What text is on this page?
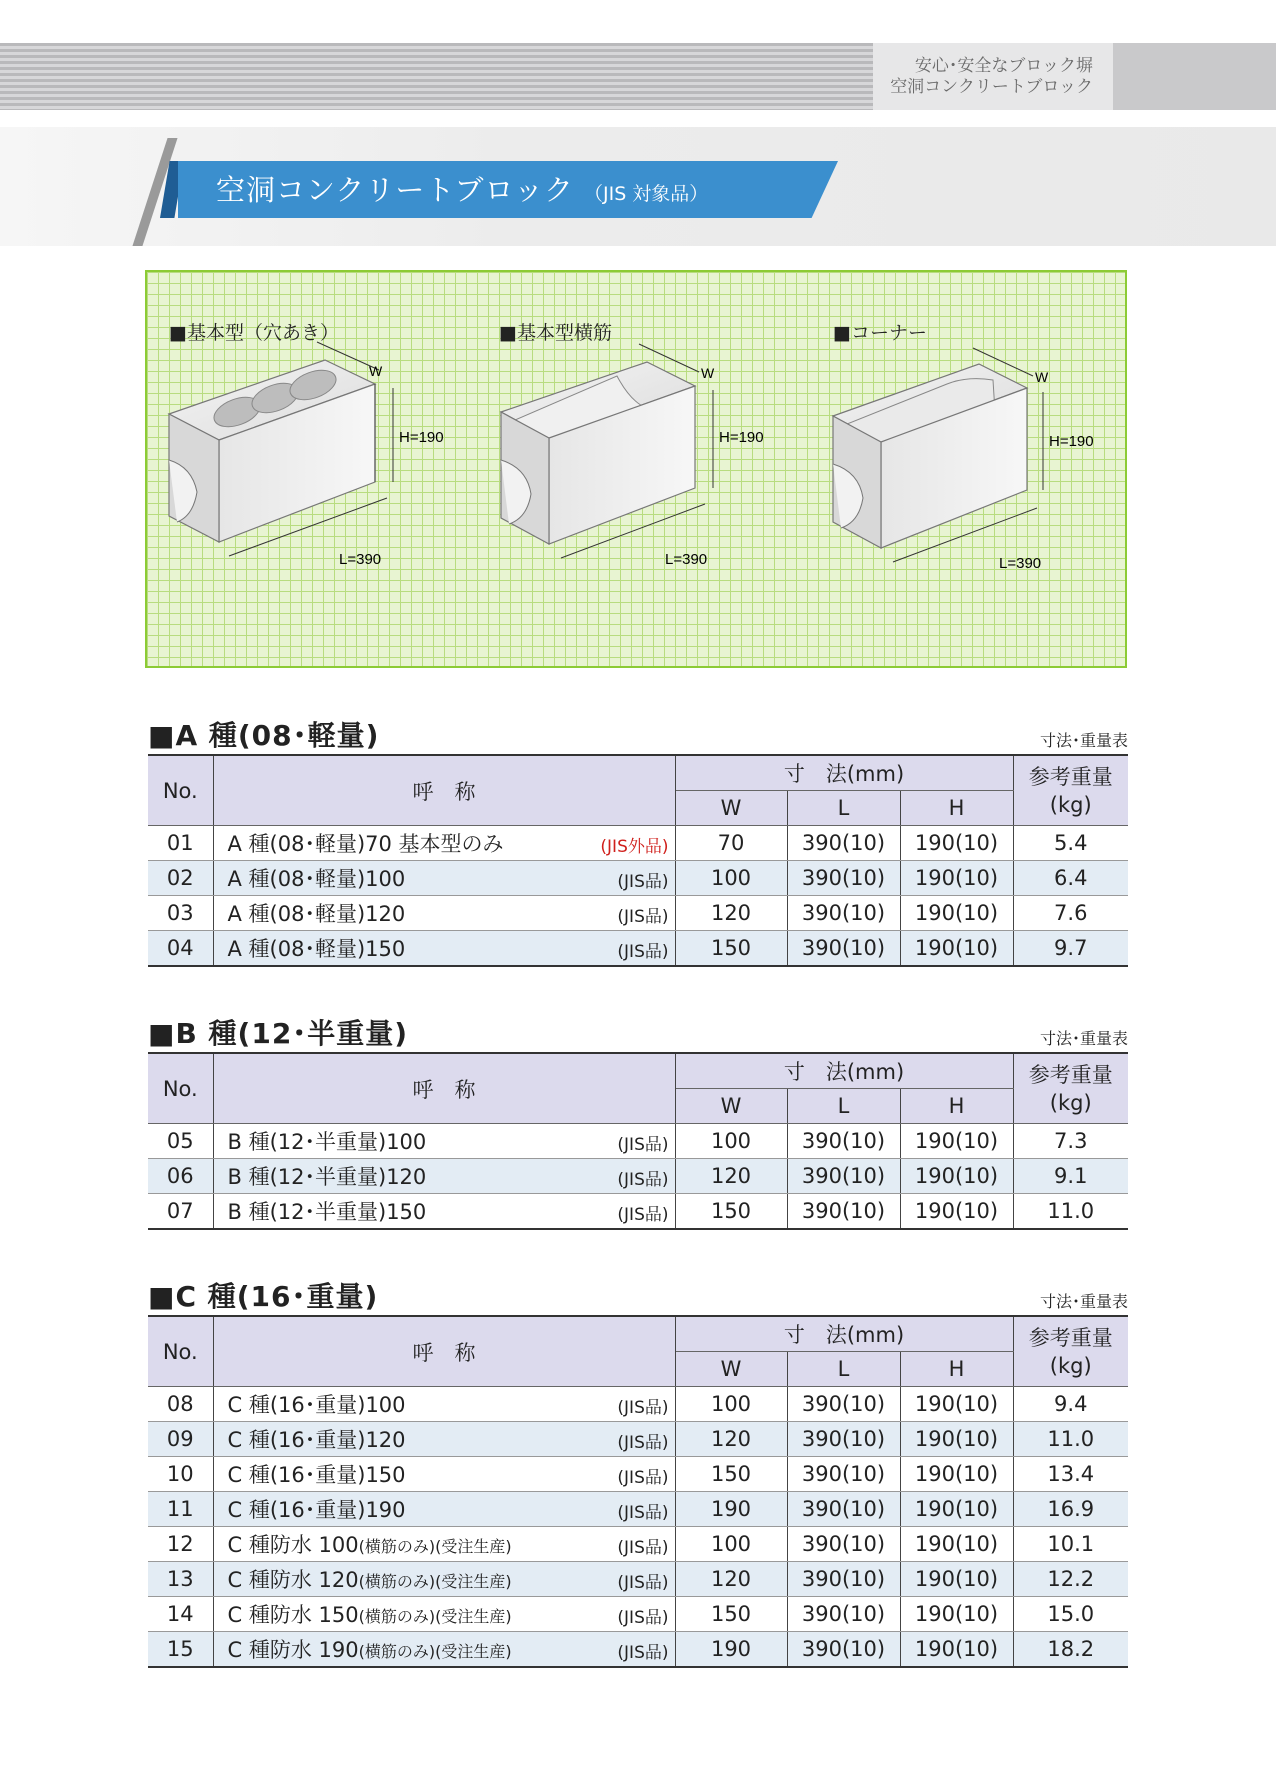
安心･安全なブロック塀
空洞コンクリートブロック
空洞コンクリートブロック （JIS 対象品）
■基本型（穴あき）	■基本型横筋	■コーナー
W
H=190
L=390
W
H=190
L=390
W
H=190
L=390
■A 種(08･軽量)	寸法･重量表
No.	呼　称	寸　法(mm)			参考重量
(kg)
		W	L	H	
01	A 種(08･軽量)70 基本型のみ (JIS外品)	70	390(10)	190(10)	5.4
02	A 種(08･軽量)100 (JIS品)	100	390(10)	190(10)	6.4
03	A 種(08･軽量)120 (JIS品)	120	390(10)	190(10)	7.6
04	A 種(08･軽量)150 (JIS品)	150	390(10)	190(10)	9.7
■B 種(12･半重量)	寸法･重量表
No.	呼　称	寸　法(mm)			参考重量
(kg)
		W	L	H	
05	B 種(12･半重量)100 (JIS品)	100	390(10)	190(10)	7.3
06	B 種(12･半重量)120 (JIS品)	120	390(10)	190(10)	9.1
07	B 種(12･半重量)150 (JIS品)	150	390(10)	190(10)	11.0
■C 種(16･重量)	寸法･重量表
No.	呼　称	寸　法(mm)			参考重量
(kg)
		W	L	H	
08	C 種(16･重量)100 (JIS品)	100	390(10)	190(10)	9.4
09	C 種(16･重量)120 (JIS品)	120	390(10)	190(10)	11.0
10	C 種(16･重量)150 (JIS品)	150	390(10)	190(10)	13.4
11	C 種(16･重量)190 (JIS品)	190	390(10)	190(10)	16.9
12	C 種防水 100(横筋のみ)(受注生産) (JIS品)	100	390(10)	190(10)	10.1
13	C 種防水 120(横筋のみ)(受注生産) (JIS品)	120	390(10)	190(10)	12.2
14	C 種防水 150(横筋のみ)(受注生産) (JIS品)	150	390(10)	190(10)	15.0
15	C 種防水 190(横筋のみ)(受注生産) (JIS品)	190	390(10)	190(10)	18.2
